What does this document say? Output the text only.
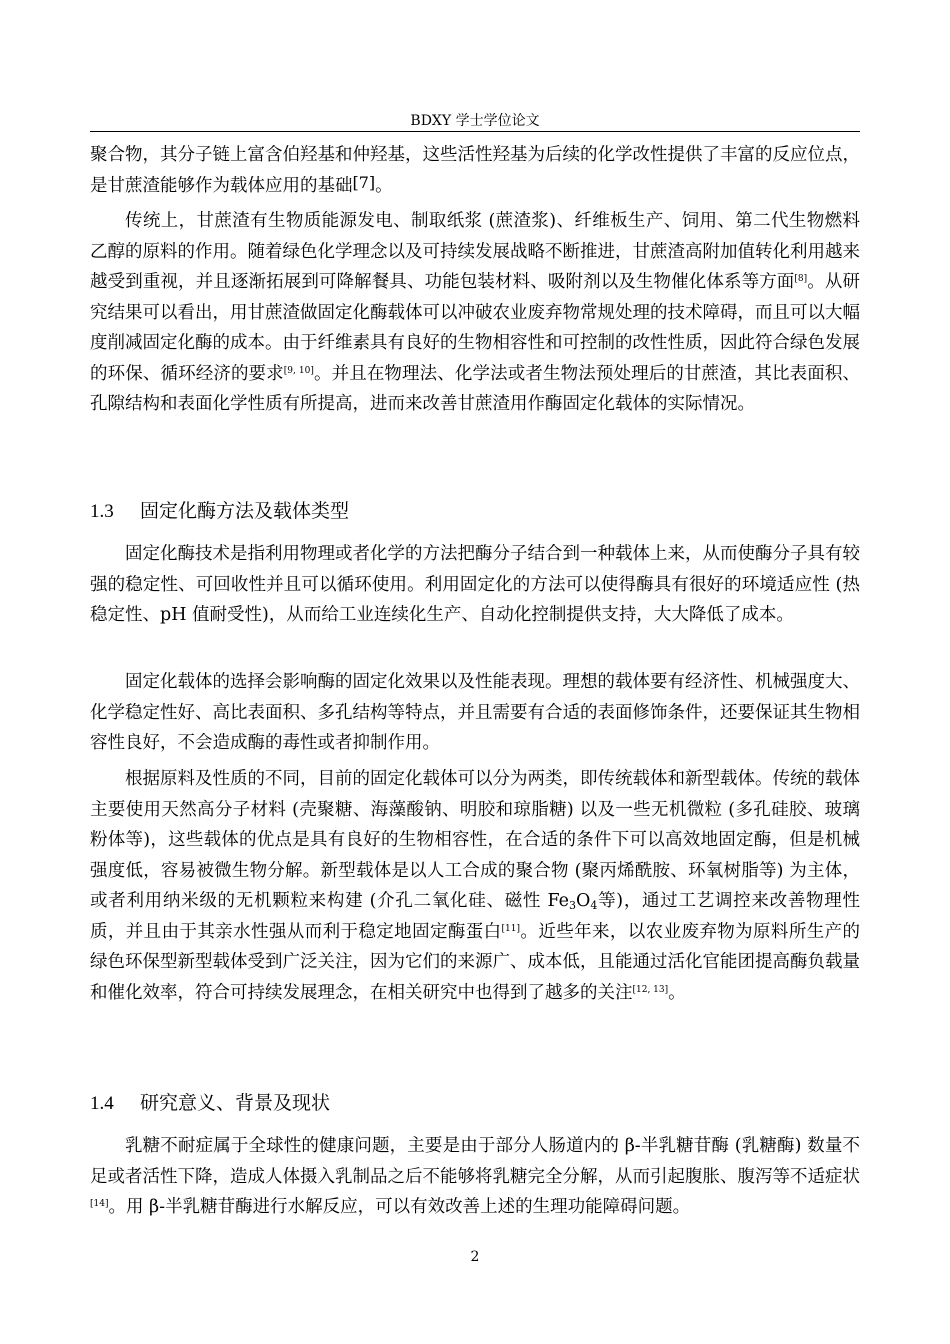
BDXY 学士学位论文
聚合物，其分子链上富含伯羟基和仲羟基，这些活性羟基为后续的化学改性提供了丰富的反应位点，是甘蔗渣能够作为载体应用的基础[7]。
传统上，甘蔗渣有生物质能源发电、制取纸浆 (蔗渣浆)、纤维板生产、饲用、第二代生物燃料乙醇的原料的作用。随着绿色化学理念以及可持续发展战略不断推进，甘蔗渣高附加值转化利用越来越受到重视，并且逐渐拓展到可降解餐具、功能包装材料、吸附剂以及生物催化体系等方面[8]。从研究结果可以看出，用甘蔗渣做固定化酶载体可以冲破农业废弃物常规处理的技术障碍，而且可以大幅度削减固定化酶的成本。由于纤维素具有良好的生物相容性和可控制的改性性质，因此符合绿色发展的环保、循环经济的要求[9, 10]。并且在物理法、化学法或者生物法预处理后的甘蔗渣，其比表面积、孔隙结构和表面化学性质有所提高，进而来改善甘蔗渣用作酶固定化载体的实际情况。
1.3 固定化酶方法及载体类型
固定化酶技术是指利用物理或者化学的方法把酶分子结合到一种载体上来，从而使酶分子具有较强的稳定性、可回收性并且可以循环使用。利用固定化的方法可以使得酶具有很好的环境适应性 (热稳定性、pH 值耐受性)，从而给工业连续化生产、自动化控制提供支持，大大降低了成本。
固定化载体的选择会影响酶的固定化效果以及性能表现。理想的载体要有经济性、机械强度大、化学稳定性好、高比表面积、多孔结构等特点，并且需要有合适的表面修饰条件，还要保证其生物相容性良好，不会造成酶的毒性或者抑制作用。
根据原料及性质的不同，目前的固定化载体可以分为两类，即传统载体和新型载体。传统的载体主要使用天然高分子材料 (壳聚糖、海藻酸钠、明胶和琼脂糖) 以及一些无机微粒 (多孔硅胶、玻璃粉体等)，这些载体的优点是具有良好的生物相容性，在合适的条件下可以高效地固定酶，但是机械强度低，容易被微生物分解。新型载体是以人工合成的聚合物 (聚丙烯酰胺、环氧树脂等) 为主体，或者利用纳米级的无机颗粒来构建 (介孔二氧化硅、磁性 $Fe_3O_4$等)，通过工艺调控来改善物理性质，并且由于其亲水性强从而利于稳定地固定酶蛋白[11]。近些年来，以农业废弃物为原料所生产的绿色环保型新型载体受到广泛关注，因为它们的来源广、成本低，且能通过活化官能团提高酶负载量和催化效率，符合可持续发展理念，在相关研究中也得到了越多的关注[12, 13]。
1.4 研究意义、背景及现状
乳糖不耐症属于全球性的健康问题，主要是由于部分人肠道内的 β-半乳糖苷酶 (乳糖酶) 数量不足或者活性下降，造成人体摄入乳制品之后不能够将乳糖完全分解，从而引起腹胀、腹泻等不适症状[14]。用 β-半乳糖苷酶进行水解反应，可以有效改善上述的生理功能障碍问题。
2
